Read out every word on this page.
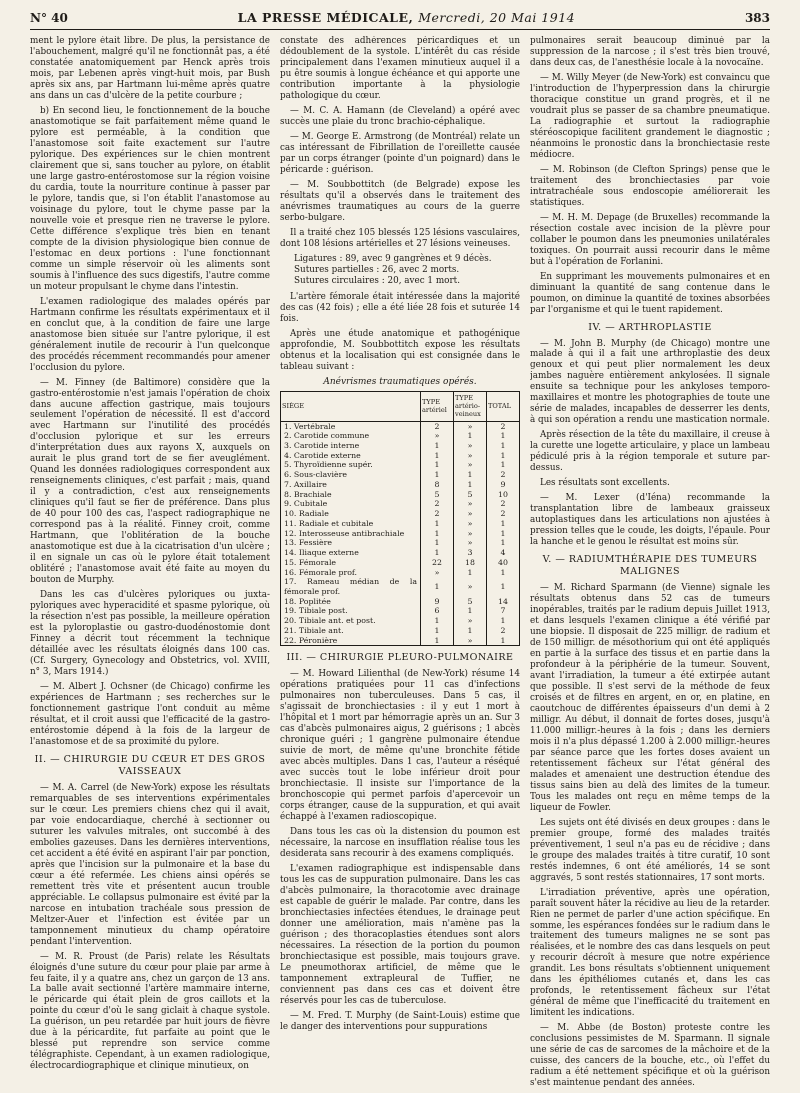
N° 40	LA PRESSE MÉDICALE, Mercredi, 20 Mai 1914	383

ment le pylore était libre. De plus, la persistance de l'abouchement, malgré qu'il ne fonctionnât pas, a été constatée anatomiquement par Henck après trois mois, par Lebenen après vingt-huit mois, par Bush après six ans, par Hartmann lui-même après quatre ans dans un cas d'ulcère de la petite courbure ;

b) En second lieu, le fonctionnement de la bouche anastomotique se fait parfaitement même quand le pylore est perméable, à la condition que l'anastomose soit faite exactement sur l'autre pylorique. Des expériences sur le chien montrent clairement que si, sans toucher au pylore, on établit une large gastro-entérostomose sur la région voisine du cardia, toute la nourriture continue à passer par le pylore, tandis que, si l'on établit l'anastomose au voisinage du pylore, tout le chyme passe par la nouvelle voie et presque rien ne traverse le pylore. Cette différence s'explique très bien en tenant compte de la division physiologique bien connue de l'estomac en deux portions : l'une fonctionnant comme un simple réservoir où les aliments sont soumis à l'influence des sucs digestifs, l'autre comme un moteur propulsant le chyme dans l'intestin.

L'examen radiologique des malades opérés par Hartmann confirme les résultats expérimentaux et il en conclut que, à la condition de faire une large anastomose bien située sur l'antre pylorique, il est généralement inutile de recourir à l'un quelconque des procédés récemment recommandés pour amener l'occlusion du pylore.

— M. Finney (de Baltimore) considère que la gastro-entérostomie n'est jamais l'opération de choix dans aucune affection gastrique, mais toujours seulement l'opération de nécessité. Il est d'accord avec Hartmann sur l'inutilité des procédés d'occlusion pylorique et sur les erreurs d'interprétation dues aux rayons X, auxquels on aurait le plus grand tort de se fier aveuglément. Quand les données radiologiques correspondent aux renseignements cliniques, c'est parfait ; mais, quand il y a contradiction, c'est aux renseignements cliniques qu'il faut se fier de préférence. Dans plus de 40 pour 100 des cas, l'aspect radiographique ne correspond pas à la réalité. Finney croit, comme Hartmann, que l'oblitération de la bouche anastomotique est due à la cicatrisation d'un ulcère ; il en signale un cas où le pylore était totalement oblitéré ; l'anastomose avait été faite au moyen du bouton de Murphy.

Dans les cas d'ulcères pyloriques ou juxta-pyloriques avec hyperacidité et spasme pylorique, où la résection n'est pas possible, la meilleure opération est la pyloroplastie ou gastro-duodénostomie dont Finney a décrit tout récemment la technique détaillée avec les résultats éloignés dans 100 cas. (Cf. Surgery, Gynecology and Obstetrics, vol. XVIII, n° 3, Mars 1914.)

— M. Albert J. Ochsner (de Chicago) confirme les expériences de Hartmann ; ses recherches sur le fonctionnement gastrique l'ont conduit au même résultat, et il croit aussi que l'efficacité de la gastro-entérostomie dépend à la fois de la largeur de l'anastomose et de sa proximité du pylore.

II. — CHIRURGIE DU CŒUR ET DES GROS VAISSEAUX

— M. A. Carrel (de New-York) expose les résultats remarquables de ses interventions expérimentales sur le cœur. Les premiers chiens chez qui il avait, par voie endocardiaque, cherché à sectionner ou suturer les valvules mitrales, ont succombé à des embolies gazeuses. Dans les dernières interventions, cet accident a été évité en aspirant l'air par ponction, après que l'incision sur la pulmonaire et la base du cœur a été refermée. Les chiens ainsi opérés se remettent très vite et présentent aucun trouble appréciable. Le collapsus pulmonaire est évité par la narcose en intubation trachéale sous pression de Meltzer-Auer et l'infection est évitée par un tamponnement minutieux du champ opératoire pendant l'intervention.

— M. R. Proust (de Paris) relate les Résultats éloignés d'une suture du cœur pour plaie par arme à feu faite, il y a quatre ans, chez un garçon de 13 ans. La balle avait sectionné l'artère mammaire interne, le péricarde qui était plein de gros caillots et la pointe du cœur d'où le sang giclait à chaque systole. La guérison, un peu retardée par huit jours de fièvre due à la péricardite, fut parfaite au point que le blessé put reprendre son service comme télégraphiste. Cependant, à un examen radiologique, électrocardiographique et clinique minutieux, on

constate des adhérences péricardiques et un dédoublement de la systole. L'intérêt du cas réside principalement dans l'examen minutieux auquel il a pu être soumis à longue échéance et qui apporte une contribution importante à la physiologie pathologique du cœur.

— M. C. A. Hamann (de Cleveland) a opéré avec succès une plaie du tronc brachio-céphalique.

— M. George E. Armstrong (de Montréal) relate un cas intéressant de Fibrillation de l'oreillette causée par un corps étranger (pointe d'un poignard) dans le péricarde : guérison.

— M. Soubbottitch (de Belgrade) expose les résultats qu'il a observés dans le traitement des anévrismes traumatiques au cours de la guerre serbo-bulgare.

Il a traité chez 105 blessés 125 lésions vasculaires, dont 108 lésions artérielles et 27 lésions veineuses.

Ligatures : 89, avec 9 gangrènes et 9 décès.
Sutures partielles : 26, avec 2 morts.
Sutures circulaires : 20, avec 1 mort.

L'artère fémorale était intéressée dans la majorité des cas (42 fois) ; elle a été liée 28 fois et suturée 14 fois.

Après une étude anatomique et pathogénique approfondie, M. Soubbottitch expose les résultats obtenus et la localisation qui est consignée dans le tableau suivant :

Anévrismes traumatiques opérés.
SIÈGE	TYPE artériel	TYPE artério-veineux	TOTAL
1. Vertébrale	2	»	2
2. Carotide commune	»	1	1
3. Carotide interne	1	»	1
4. Carotide externe	1	»	1
5. Thyroïdienne supér.	1	»	1
6. Sous-clavière	1	1	2
7. Axillaire	8	1	9
8. Brachiale	5	5	10
9. Cubitale	2	»	2
10. Radiale	2	»	2
11. Radiale et cubitale	1	»	1
12. Interosseuse antibrachiale	1	»	1
13. Fessière	1	»	1
14. Iliaque externe	1	3	4
15. Fémorale	22	18	40
16. Fémorale prof.	»	1	1
17. Rameau médian de la fémorale prof.	1	»	1
18. Poplitée	9	5	14
19. Tibiale post.	6	1	7
20. Tibiale ant. et post.	1	»	1
21. Tibiale ant.	1	1	2
22. Péronière	1	»	1
III. — CHIRURGIE PLEURO-PULMONAIRE

— M. Howard Lilienthal (de New-York) résume 14 opérations pratiquées pour 11 cas d'infections pulmonaires non tuberculeuses. Dans 5 cas, il s'agissait de bronchiectasies : il y eut 1 mort à l'hôpital et 1 mort par hémorragie après un an. Sur 3 cas d'abcès pulmonaires aigus, 2 guérisons ; 1 abcès chronique guéri ; 1 gangrène pulmonaire étendue suivie de mort, de même qu'une bronchite fétide avec abcès multiples. Dans 1 cas, l'auteur a réséqué avec succès tout le lobe inférieur droit pour bronchiectasie. Il insiste sur l'importance de la bronchoscopie qui permet parfois d'apercevoir un corps étranger, cause de la suppuration, et qui avait échappé à l'examen radioscopique.

Dans tous les cas où la distension du poumon est nécessaire, la narcose en insufflation réalise tous les desiderata sans recourir à des examens compliqués.

L'examen radiographique est indispensable dans tous les cas de suppuration pulmonaire. Dans les cas d'abcès pulmonaire, la thoracotomie avec drainage est capable de guérir le malade. Par contre, dans les bronchiectasies infectées étendues, le drainage peut donner une amélioration, mais n'amène pas la guérison ; des thoracoplasties étendues sont alors nécessaires. La résection de la portion du poumon bronchiectasique est possible, mais toujours grave. Le pneumothorax artificiel, de même que le tamponnement extrapleural de Tuffier, ne conviennent pas dans ces cas et doivent être réservés pour les cas de tuberculose.

— M. Fred. T. Murphy (de Saint-Louis) estime que le danger des interventions pour suppurations

pulmonaires serait beaucoup diminué par la suppression de la narcose ; il s'est très bien trouvé, dans deux cas, de l'anesthésie locale à la novocaïne.

— M. Willy Meyer (de New-York) est convaincu que l'introduction de l'hyperpression dans la chirurgie thoracique constitue un grand progrès, et il ne voudrait plus se passer de sa chambre pneumatique. La radiographie et surtout la radiographie stéréoscopique facilitent grandement le diagnostic ; néanmoins le pronostic dans la bronchiectasie reste médiocre.

— M. Robinson (de Clefton Springs) pense que le traitement des bronchiectasies par voie intratrachéale sous endoscopie améliorerait les statistiques.

— M. H. M. Depage (de Bruxelles) recommande la résection costale avec incision de la plèvre pour collaber le poumon dans les pneumonies unilatérales toxiques. On pourrait aussi recourir dans le même but à l'opération de Forlanini.

En supprimant les mouvements pulmonaires et en diminuant la quantité de sang contenue dans le poumon, on diminue la quantité de toxines absorbées par l'organisme et qui le tuent rapidement.

IV. — ARTHROPLASTIE

— M. John B. Murphy (de Chicago) montre une malade à qui il a fait une arthroplastie des deux genoux et qui peut plier normalement les deux jambes naguère entièrement ankylosées. Il signale ensuite sa technique pour les ankyloses temporo-maxillaires et montre les photographies de toute une série de malades, incapables de desserrer les dents, à qui son opération a rendu une mastication normale.

Après résection de la tête du maxillaire, il creuse à la curette une logette articulaire, y place un lambeau pédiculé pris à la région temporale et suture par-dessus.

Les résultats sont excellents.

— M. Lexer (d'Iéna) recommande la transplantation libre de lambeaux graisseux autoplastiques dans les articulations non ajustées à pression telles que le coude, les doigts, l'épaule. Pour la hanche et le genou le résultat est moins sûr.

V. — RADIUMTHÉRAPIE DES TUMEURS MALIGNES

— M. Richard Sparmann (de Vienne) signale les résultats obtenus dans 52 cas de tumeurs inopérables, traités par le radium depuis Juillet 1913, et dans lesquels l'examen clinique a été vérifié par une biopsie. Il disposait de 225 milligr. de radium et de 150 milligr. de mésothorium qui ont été appliqués en partie à la surface des tissus et en partie dans la profondeur à la périphérie de la tumeur. Souvent, avant l'irradiation, la tumeur a été extirpée autant que possible. Il s'est servi de la méthode de feux croisés et de filtres en argent, en or, en platine, en caoutchouc de différentes épaisseurs d'un demi à 2 milligr. Au début, il donnait de fortes doses, jusqu'à 11.000 milligr.-heures à la fois ; dans les derniers mois il n'a plus dépassé 1.200 à 2.000 milligr.-heures par séance parce que les fortes doses avaient un retentissement fâcheux sur l'état général des malades et amenaient une destruction étendue des tissus sains bien au delà des limites de la tumeur. Tous les malades ont reçu en même temps de la liqueur de Fowler.

Les sujets ont été divisés en deux groupes : dans le premier groupe, formé des malades traités préventivement, 1 seul n'a pas eu de récidive ; dans le groupe des malades traités à titre curatif, 10 sont restés indemnes, 6 ont été améliorés, 14 se sont aggravés, 5 sont restés stationnaires, 17 sont morts.

L'irradiation préventive, après une opération, paraît souvent hâter la récidive au lieu de la retarder. Rien ne permet de parler d'une action spécifique. En somme, les espérances fondées sur le radium dans le traitement des tumeurs malignes ne se sont pas réalisées, et le nombre des cas dans lesquels on peut y recourir décroît à mesure que notre expérience grandit. Les bons résultats s'obtiennent uniquement dans les épithéliomes cutanés et, dans les cas profonds, le retentissement fâcheux sur l'état général de même que l'inefficacité du traitement en limitent les indications.

— M. Abbe (de Boston) proteste contre les conclusions pessimistes de M. Sparmann. Il signale une série de cas de sarcomes de la mâchoire et de la cuisse, des cancers de la bouche, etc., où l'effet du radium a été nettement spécifique et où la guérison s'est maintenue pendant des années.
